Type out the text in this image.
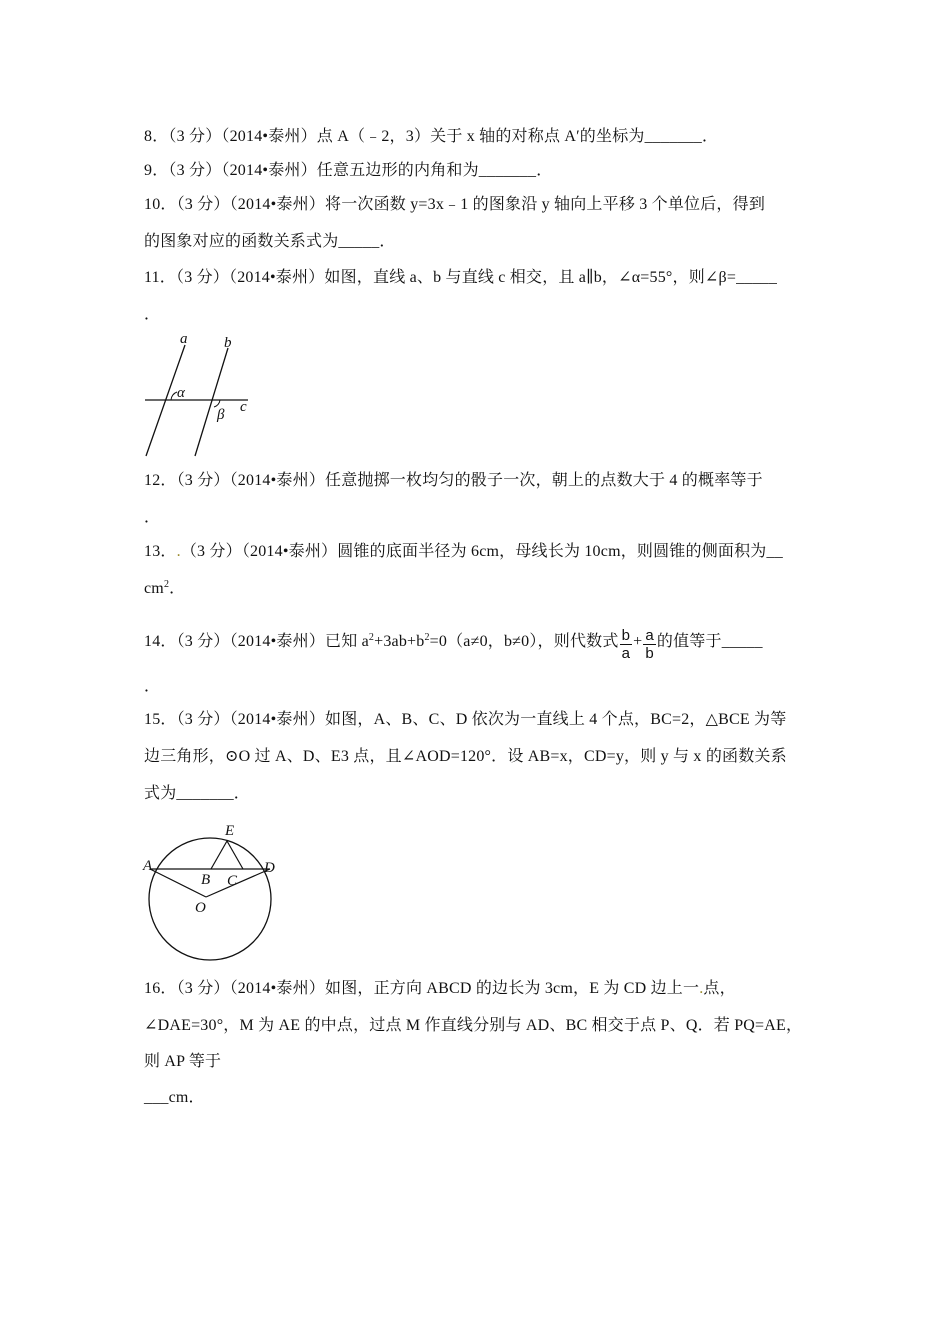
8．（3 分）（2014•泰州）点 A（﹣2，3）关于 x 轴的对称点 A′的坐标为_______．
9．（3 分）（2014•泰州）任意五边形的内角和为_______．
10．（3 分）（2014•泰州）将一次函数 y=3x﹣1 的图象沿 y 轴向上平移 3 个单位后，得到
的图象对应的函数关系式为_____．
11．（3 分）（2014•泰州）如图，直线 a、b 与直线 c 相交，且 a∥b，∠α=55°，则∠β=_____
．
a b
c
α
β
12．（3 分）（2014•泰州）任意抛掷一枚均匀的骰子一次，朝上的点数大于 4 的概率等于
．
13．.（3 分）（2014•泰州）圆锥的底面半径为 6cm，母线长为 10cm，则圆锥的侧面积为__
$cm^2$．
14．（3 分）（2014•泰州）已知 $a^2+3ab+b^2=0(a\ne 0$，b≠0），则代数式 $\frac{b}{a} + \frac{a}{b}$ 的值等于_____
．
15．（3 分）（2014•泰州）如图，A、B、C、D 依次为一直线上 4 个点，BC=2，△BCE 为等
边三角形，⊙O 过 A、D、E3 点，且∠AOD=120°．设 AB=x，CD=y，则 y 与 x 的函数关系
式为_______．
A
B C
D
E
O
16．（3 分）（2014•泰州）如图，正方向 ABCD 的边长为 3cm，E 为 CD 边上一.点，
∠DAE=30°，M 为 AE 的中点，过点 M 作直线分别与 AD、BC 相交于点 P、Q．若 PQ=AE，
则 AP 等于
___cm．
